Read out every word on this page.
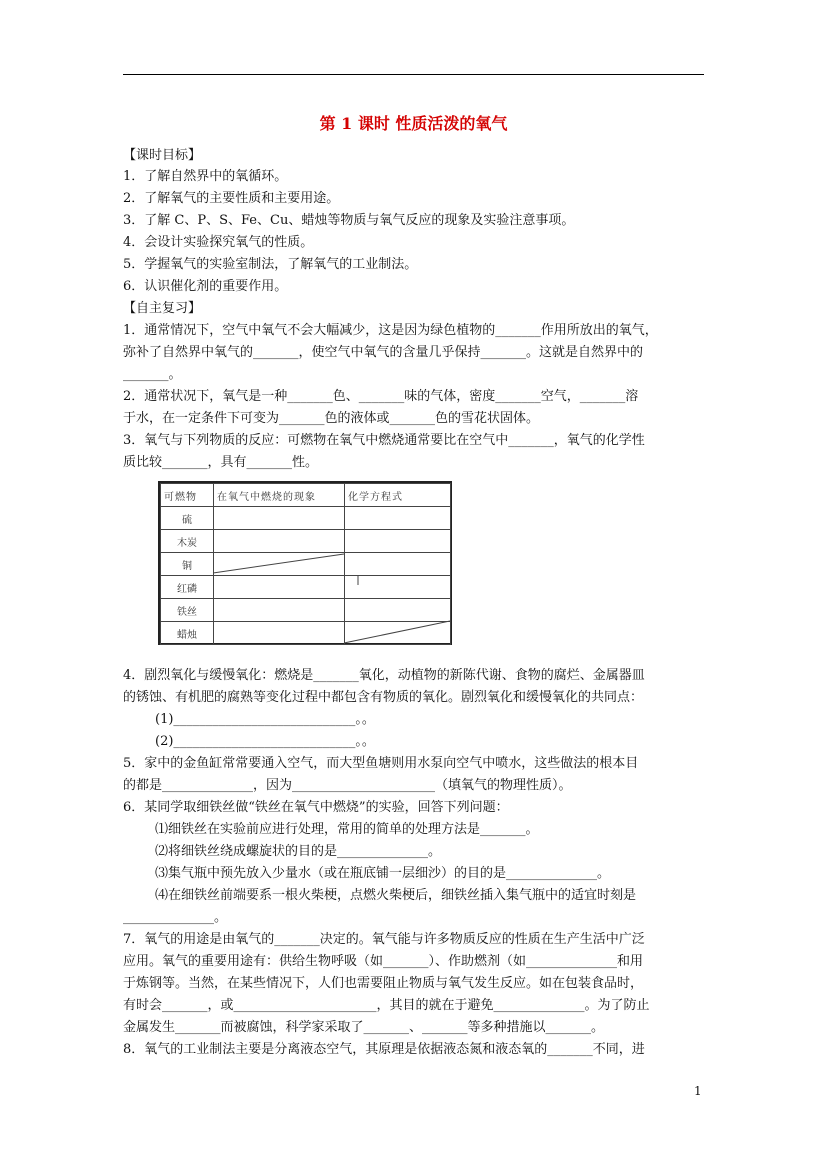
第 1 课时 性质活泼的氧气
【课时目标】
1．了解自然界中的氧循环。
2．了解氧气的主要性质和主要用途。
3．了解 C、P、S、Fe、Cu、蜡烛等物质与氧气反应的现象及实验注意事项。
4．会设计实验探究氧气的性质。
5．学握氧气的实验室制法，了解氧气的工业制法。
6．认识催化剂的重要作用。
【自主复习】
1．通常情况下，空气中氧气不会大幅减少，这是因为绿色植物的_______作用所放出的氧气，
弥补了自然界中氧气的_______，使空气中氧气的含量几乎保持_______。这就是自然界中的
_______。
2．通常状况下，氧气是一种_______色、_______味的气体，密度_______空气，_______溶
于水，在一定条件下可变为_______色的液体或_______色的雪花状固体。
3．氧气与下列物质的反应：可燃物在氧气中燃烧通常要比在空气中_______，氧气的化学性
质比较_______，具有_______性。
可燃物	在氧气中燃烧的现象	化学方程式
硫		
木炭		
铜		
红磷		
铁丝		
蜡烛		
4．剧烈氧化与缓慢氧化：燃烧是_______氧化，动植物的新陈代谢、食物的腐烂、金属器皿
的锈蚀、有机肥的腐熟等变化过程中都包含有物质的氧化。剧烈氧化和缓慢氧化的共同点：
(1)____________________________。。
(2)____________________________。。
5．家中的金鱼缸常常要通入空气，而大型鱼塘则用水泵向空气中喷水，这些做法的根本目
的都是______________，因为______________________（填氧气的物理性质）。
6．某同学取细铁丝做“铁丝在氧气中燃烧”的实验，回答下列问题：
⑴细铁丝在实验前应进行处理，常用的简单的处理方法是_______。
⑵将细铁丝绕成螺旋状的目的是______________。
⑶集气瓶中预先放入少量水（或在瓶底铺一层细沙）的目的是______________。
⑷在细铁丝前端要系一根火柴梗，点燃火柴梗后，细铁丝插入集气瓶中的适宜时刻是
______________。
7．氧气的用途是由氧气的_______决定的。氧气能与许多物质反应的性质在生产生活中广泛
应用。氧气的重要用途有：供给生物呼吸（如_______）、作助燃剂（如______________和用
于炼钢等。当然，在某些情况下，人们也需要阻止物质与氧气发生反应。如在包装食品时，
有时会_______，或______________________，其目的就在于避免______________。为了防止
金属发生_______而被腐蚀，科学家采取了_______、_______等多种措施以_______。
8．氧气的工业制法主要是分离液态空气，其原理是依据液态氮和液态氧的_______不同，进
1
